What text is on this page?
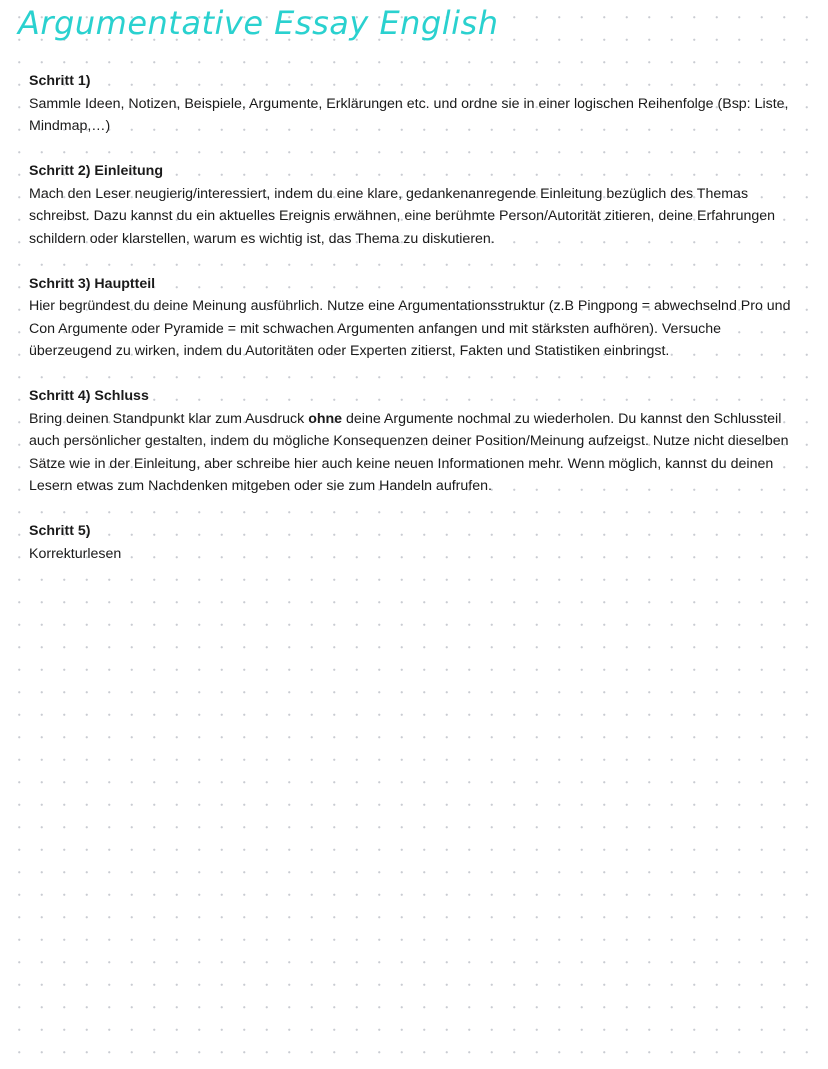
Argumentative Essay English

Schritt 1)

Sammle Ideen, Notizen, Beispiele, Argumente, Erklärungen etc. und ordne sie in einer logischen Reihenfolge (Bsp: Liste, Mindmap,…)

Schritt 2) Einleitung

Mach den Leser neugierig/interessiert, indem du eine klare, gedankenanregende Einleitung bezüglich des Themas schreibst. Dazu kannst du ein aktuelles Ereignis erwähnen, eine berühmte Person/Autorität zitieren, deine Erfahrungen schildern oder klarstellen, warum es wichtig ist, das Thema zu diskutieren.

Schritt 3) Hauptteil

Hier begründest du deine Meinung ausführlich. Nutze eine Argumentationsstruktur (z.B Pingpong = abwechselnd Pro und Con Argumente oder Pyramide = mit schwachen Argumenten anfangen und mit stärksten aufhören). Versuche überzeugend zu wirken, indem du Autoritäten oder Experten zitierst, Fakten und Statistiken einbringst.

Schritt 4) Schluss

Bring deinen Standpunkt klar zum Ausdruck ohne deine Argumente nochmal zu wiederholen. Du kannst den Schlussteil auch persönlicher gestalten, indem du mögliche Konsequenzen deiner Position/Meinung aufzeigst. Nutze nicht dieselben Sätze wie in der Einleitung, aber schreibe hier auch keine neuen Informationen mehr. Wenn möglich, kannst du deinen Lesern etwas zum Nachdenken mitgeben oder sie zum Handeln aufrufen.

Schritt 5)

Korrekturlesen
